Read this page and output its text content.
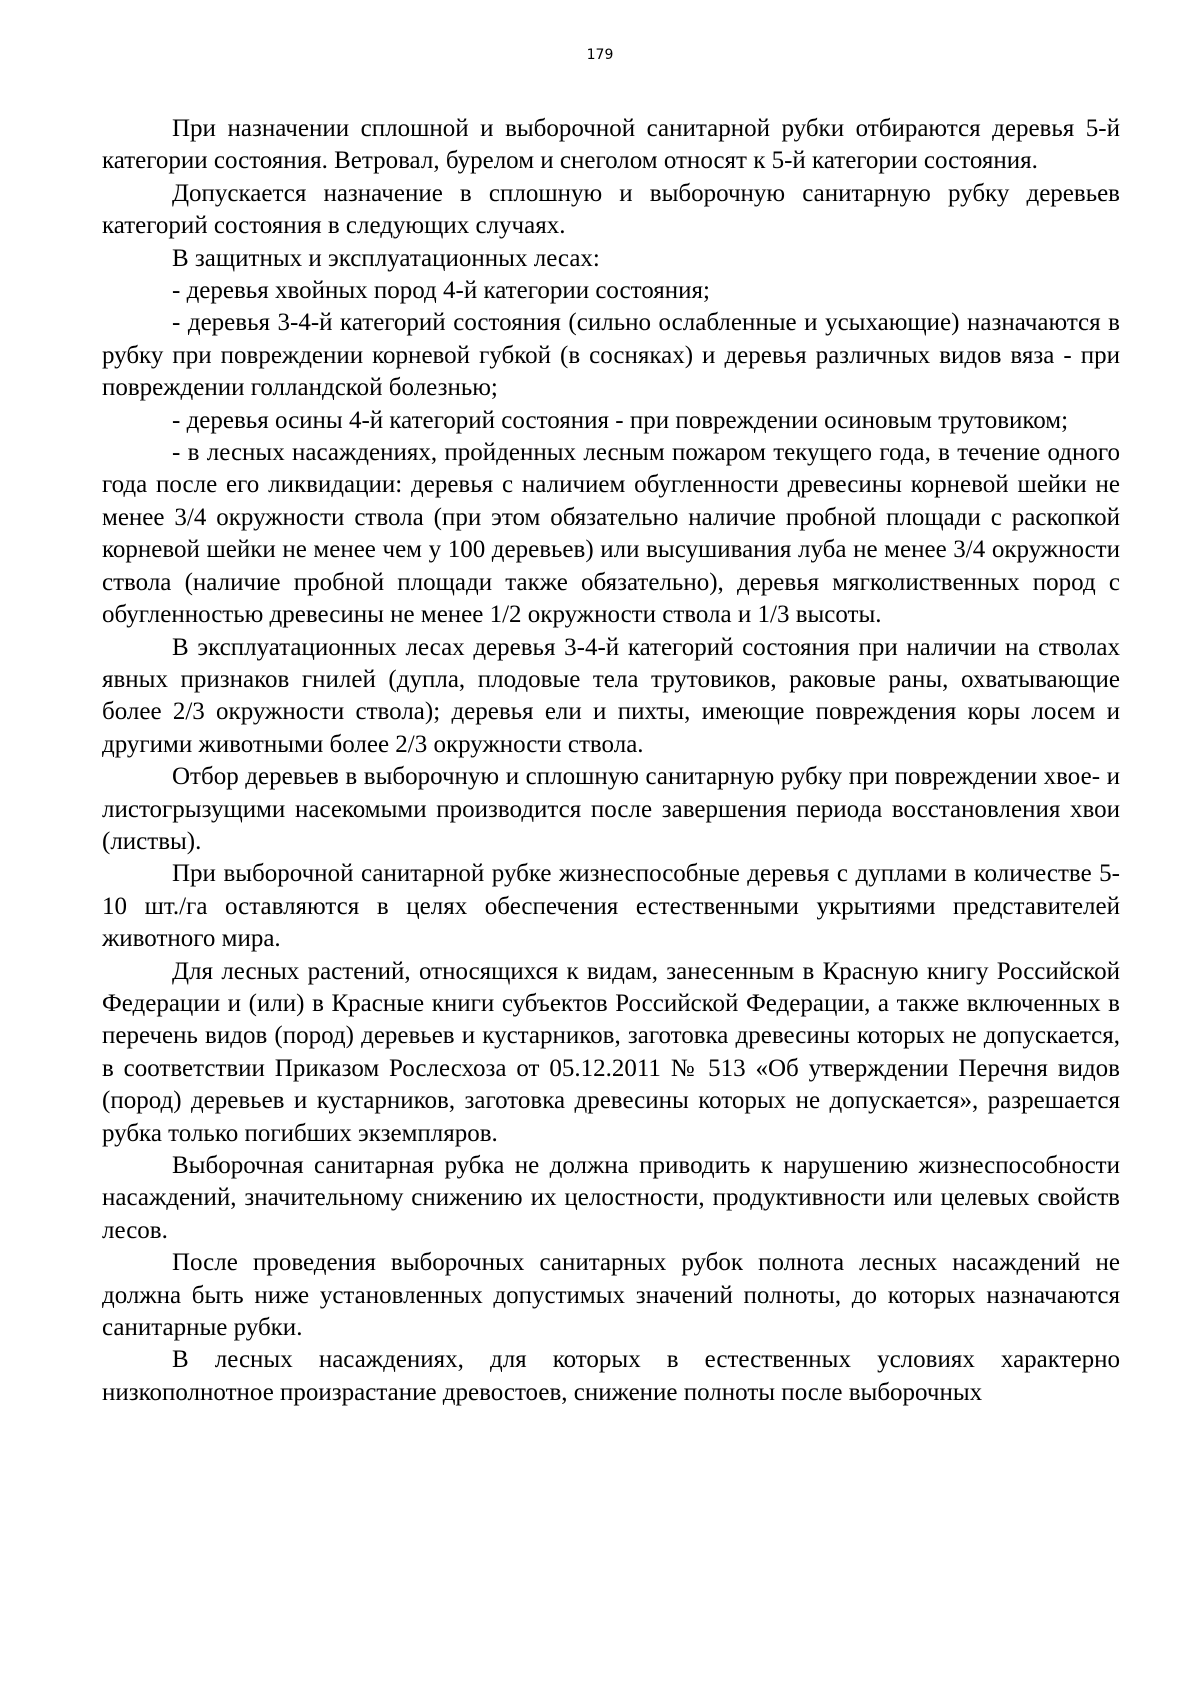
179

При назначении сплошной и выборочной санитарной рубки отбираются деревья 5-й категории состояния. Ветровал, бурелом и снеголом относят к 5-й категории состояния.

Допускается назначение в сплошную и выборочную санитарную рубку деревьев категорий состояния в следующих случаях.

В защитных и эксплуатационных лесах:

- деревья хвойных пород 4-й категории состояния;

- деревья 3-4-й категорий состояния (сильно ослабленные и усыхающие) назначаются в рубку при повреждении корневой губкой (в сосняках) и деревья различных видов вяза - при повреждении голландской болезнью;

- деревья осины 4-й категорий состояния - при повреждении осиновым трутовиком;

- в лесных насаждениях, пройденных лесным пожаром текущего года, в течение одного года после его ликвидации: деревья с наличием обугленности древесины корневой шейки не менее 3/4 окружности ствола (при этом обязательно наличие пробной площади с раскопкой корневой шейки не менее чем у 100 деревьев) или высушивания луба не менее 3/4 окружности ствола (наличие пробной площади также обязательно), деревья мягколиственных пород с обугленностью древесины не менее 1/2 окружности ствола и 1/3 высоты.

В эксплуатационных лесах деревья 3-4-й категорий состояния при наличии на стволах явных признаков гнилей (дупла, плодовые тела трутовиков, раковые раны, охватывающие более 2/3 окружности ствола); деревья ели и пихты, имеющие повреждения коры лосем и другими животными более 2/3 окружности ствола.

Отбор деревьев в выборочную и сплошную санитарную рубку при повреждении хвое- и листогрызущими насекомыми производится после завершения периода восстановления хвои (листвы).

При выборочной санитарной рубке жизнеспособные деревья с дуплами в количестве 5-10 шт./га оставляются в целях обеспечения естественными укрытиями представителей животного мира.

Для лесных растений, относящихся к видам, занесенным в Красную книгу Российской Федерации и (или) в Красные книги субъектов Российской Федерации, а также включенных в перечень видов (пород) деревьев и кустарников, заготовка древесины которых не допускается, в соответствии Приказом Рослесхоза от 05.12.2011 № 513 «Об утверждении Перечня видов (пород) деревьев и кустарников, заготовка древесины которых не допускается», разрешается рубка только погибших экземпляров.

Выборочная санитарная рубка не должна приводить к нарушению жизнеспособности насаждений, значительному снижению их целостности, продуктивности или целевых свойств лесов.

После проведения выборочных санитарных рубок полнота лесных насаждений не должна быть ниже установленных допустимых значений полноты, до которых назначаются санитарные рубки.

В лесных насаждениях, для которых в естественных условиях характерно низкополнотное произрастание древостоев, снижение полноты после выборочных
